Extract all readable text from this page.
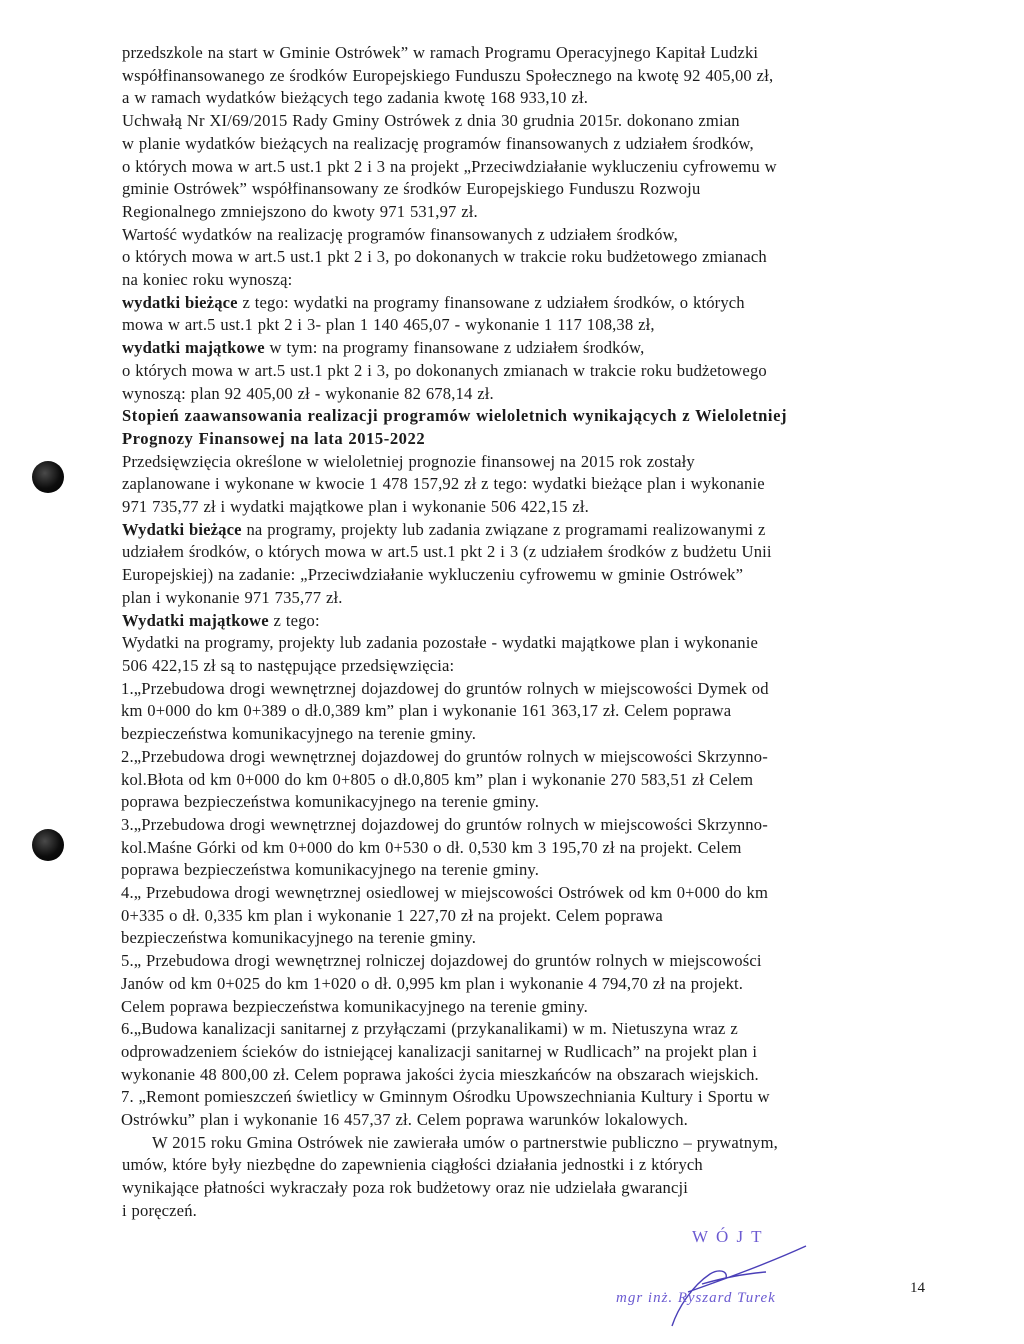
przedszkole na start w Gminie Ostrówek” w ramach Programu Operacyjnego Kapitał Ludzki
współfinansowanego ze środków Europejskiego Funduszu Społecznego na kwotę 92 405,00 zł,
a w ramach wydatków bieżących tego zadania kwotę 168 933,10 zł.
Uchwałą Nr XI/69/2015 Rady Gminy Ostrówek z dnia 30 grudnia 2015r. dokonano zmian
w planie wydatków bieżących na realizację programów finansowanych z udziałem środków,
o których mowa w art.5 ust.1 pkt 2 i 3 na projekt „Przeciwdziałanie wykluczeniu cyfrowemu w
gminie Ostrówek” współfinansowany ze środków Europejskiego Funduszu Rozwoju
Regionalnego zmniejszono do kwoty 971 531,97 zł.
Wartość wydatków na realizację programów finansowanych z udziałem środków,
o których mowa w art.5 ust.1 pkt 2 i 3, po dokonanych w trakcie roku budżetowego zmianach
na koniec roku wynoszą:
wydatki bieżące z tego: wydatki na programy finansowane z udziałem środków, o których
mowa w art.5 ust.1 pkt 2 i 3- plan 1 140 465,07 - wykonanie 1 117 108,38 zł,
wydatki majątkowe w tym: na programy finansowane z udziałem środków,
o których mowa w art.5 ust.1 pkt 2 i 3, po dokonanych zmianach w trakcie roku budżetowego
wynoszą: plan 92 405,00 zł - wykonanie 82 678,14 zł.
Stopień zaawansowania realizacji programów wieloletnich wynikających z Wieloletniej
Prognozy Finansowej na lata 2015-2022
Przedsięwzięcia określone w wieloletniej prognozie finansowej na 2015 rok zostały
zaplanowane i wykonane w kwocie 1 478 157,92 zł z tego: wydatki bieżące plan i wykonanie
971 735,77 zł i wydatki majątkowe plan i wykonanie 506 422,15 zł.
Wydatki bieżące na programy, projekty lub zadania związane z programami realizowanymi z
udziałem środków, o których mowa w art.5 ust.1 pkt 2 i 3 (z udziałem środków z budżetu Unii
Europejskiej) na zadanie: „Przeciwdziałanie wykluczeniu cyfrowemu w gminie Ostrówek”
plan i wykonanie 971 735,77 zł.
Wydatki majątkowe z tego:
Wydatki na programy, projekty lub zadania pozostałe - wydatki majątkowe plan i wykonanie
506 422,15 zł są to następujące przedsięwzięcia:
1.„Przebudowa drogi wewnętrznej dojazdowej do gruntów rolnych w miejscowości Dymek od
km 0+000 do km 0+389 o dł.0,389 km” plan i wykonanie 161 363,17 zł. Celem poprawa
bezpieczeństwa komunikacyjnego na terenie gminy.
2.„Przebudowa drogi wewnętrznej dojazdowej do gruntów rolnych w miejscowości Skrzynno-
kol.Błota od km 0+000 do km 0+805 o dł.0,805 km” plan i wykonanie 270 583,51 zł Celem
poprawa bezpieczeństwa komunikacyjnego na terenie gminy.
3.„Przebudowa drogi wewnętrznej dojazdowej do gruntów rolnych w miejscowości Skrzynno-
kol.Maśne Górki od km 0+000 do km 0+530 o dł. 0,530 km 3 195,70 zł na projekt. Celem
poprawa bezpieczeństwa komunikacyjnego na terenie gminy.
4.„ Przebudowa drogi wewnętrznej osiedlowej w miejscowości Ostrówek od km 0+000 do km
0+335 o dł. 0,335 km plan i wykonanie 1 227,70 zł na projekt. Celem poprawa
bezpieczeństwa komunikacyjnego na terenie gminy.
5.„ Przebudowa drogi wewnętrznej rolniczej dojazdowej do gruntów rolnych w miejscowości
Janów od km 0+025 do km 1+020 o dł. 0,995 km plan i wykonanie 4 794,70 zł na projekt.
Celem poprawa bezpieczeństwa komunikacyjnego na terenie gminy.
6.„Budowa kanalizacji sanitarnej z przyłączami (przykanalikami) w m. Nietuszyna wraz z
odprowadzeniem ścieków do istniejącej kanalizacji sanitarnej w Rudlicach” na projekt plan i
wykonanie 48 800,00 zł. Celem poprawa jakości życia mieszkańców na obszarach wiejskich.
7. „Remont pomieszczeń świetlicy w Gminnym Ośrodku Upowszechniania Kultury i Sportu w
Ostrówku” plan i wykonanie 16 457,37 zł. Celem poprawa warunków lokalowych.
W 2015 roku Gmina Ostrówek nie zawierała umów o partnerstwie publiczno – prywatnym,
umów, które były niezbędne do zapewnienia ciągłości działania jednostki i z których
wynikające płatności wykraczały poza rok budżetowy oraz nie udzielała gwarancji
i poręczeń.
W Ó J T
mgr inż. Ryszard Turek
14
